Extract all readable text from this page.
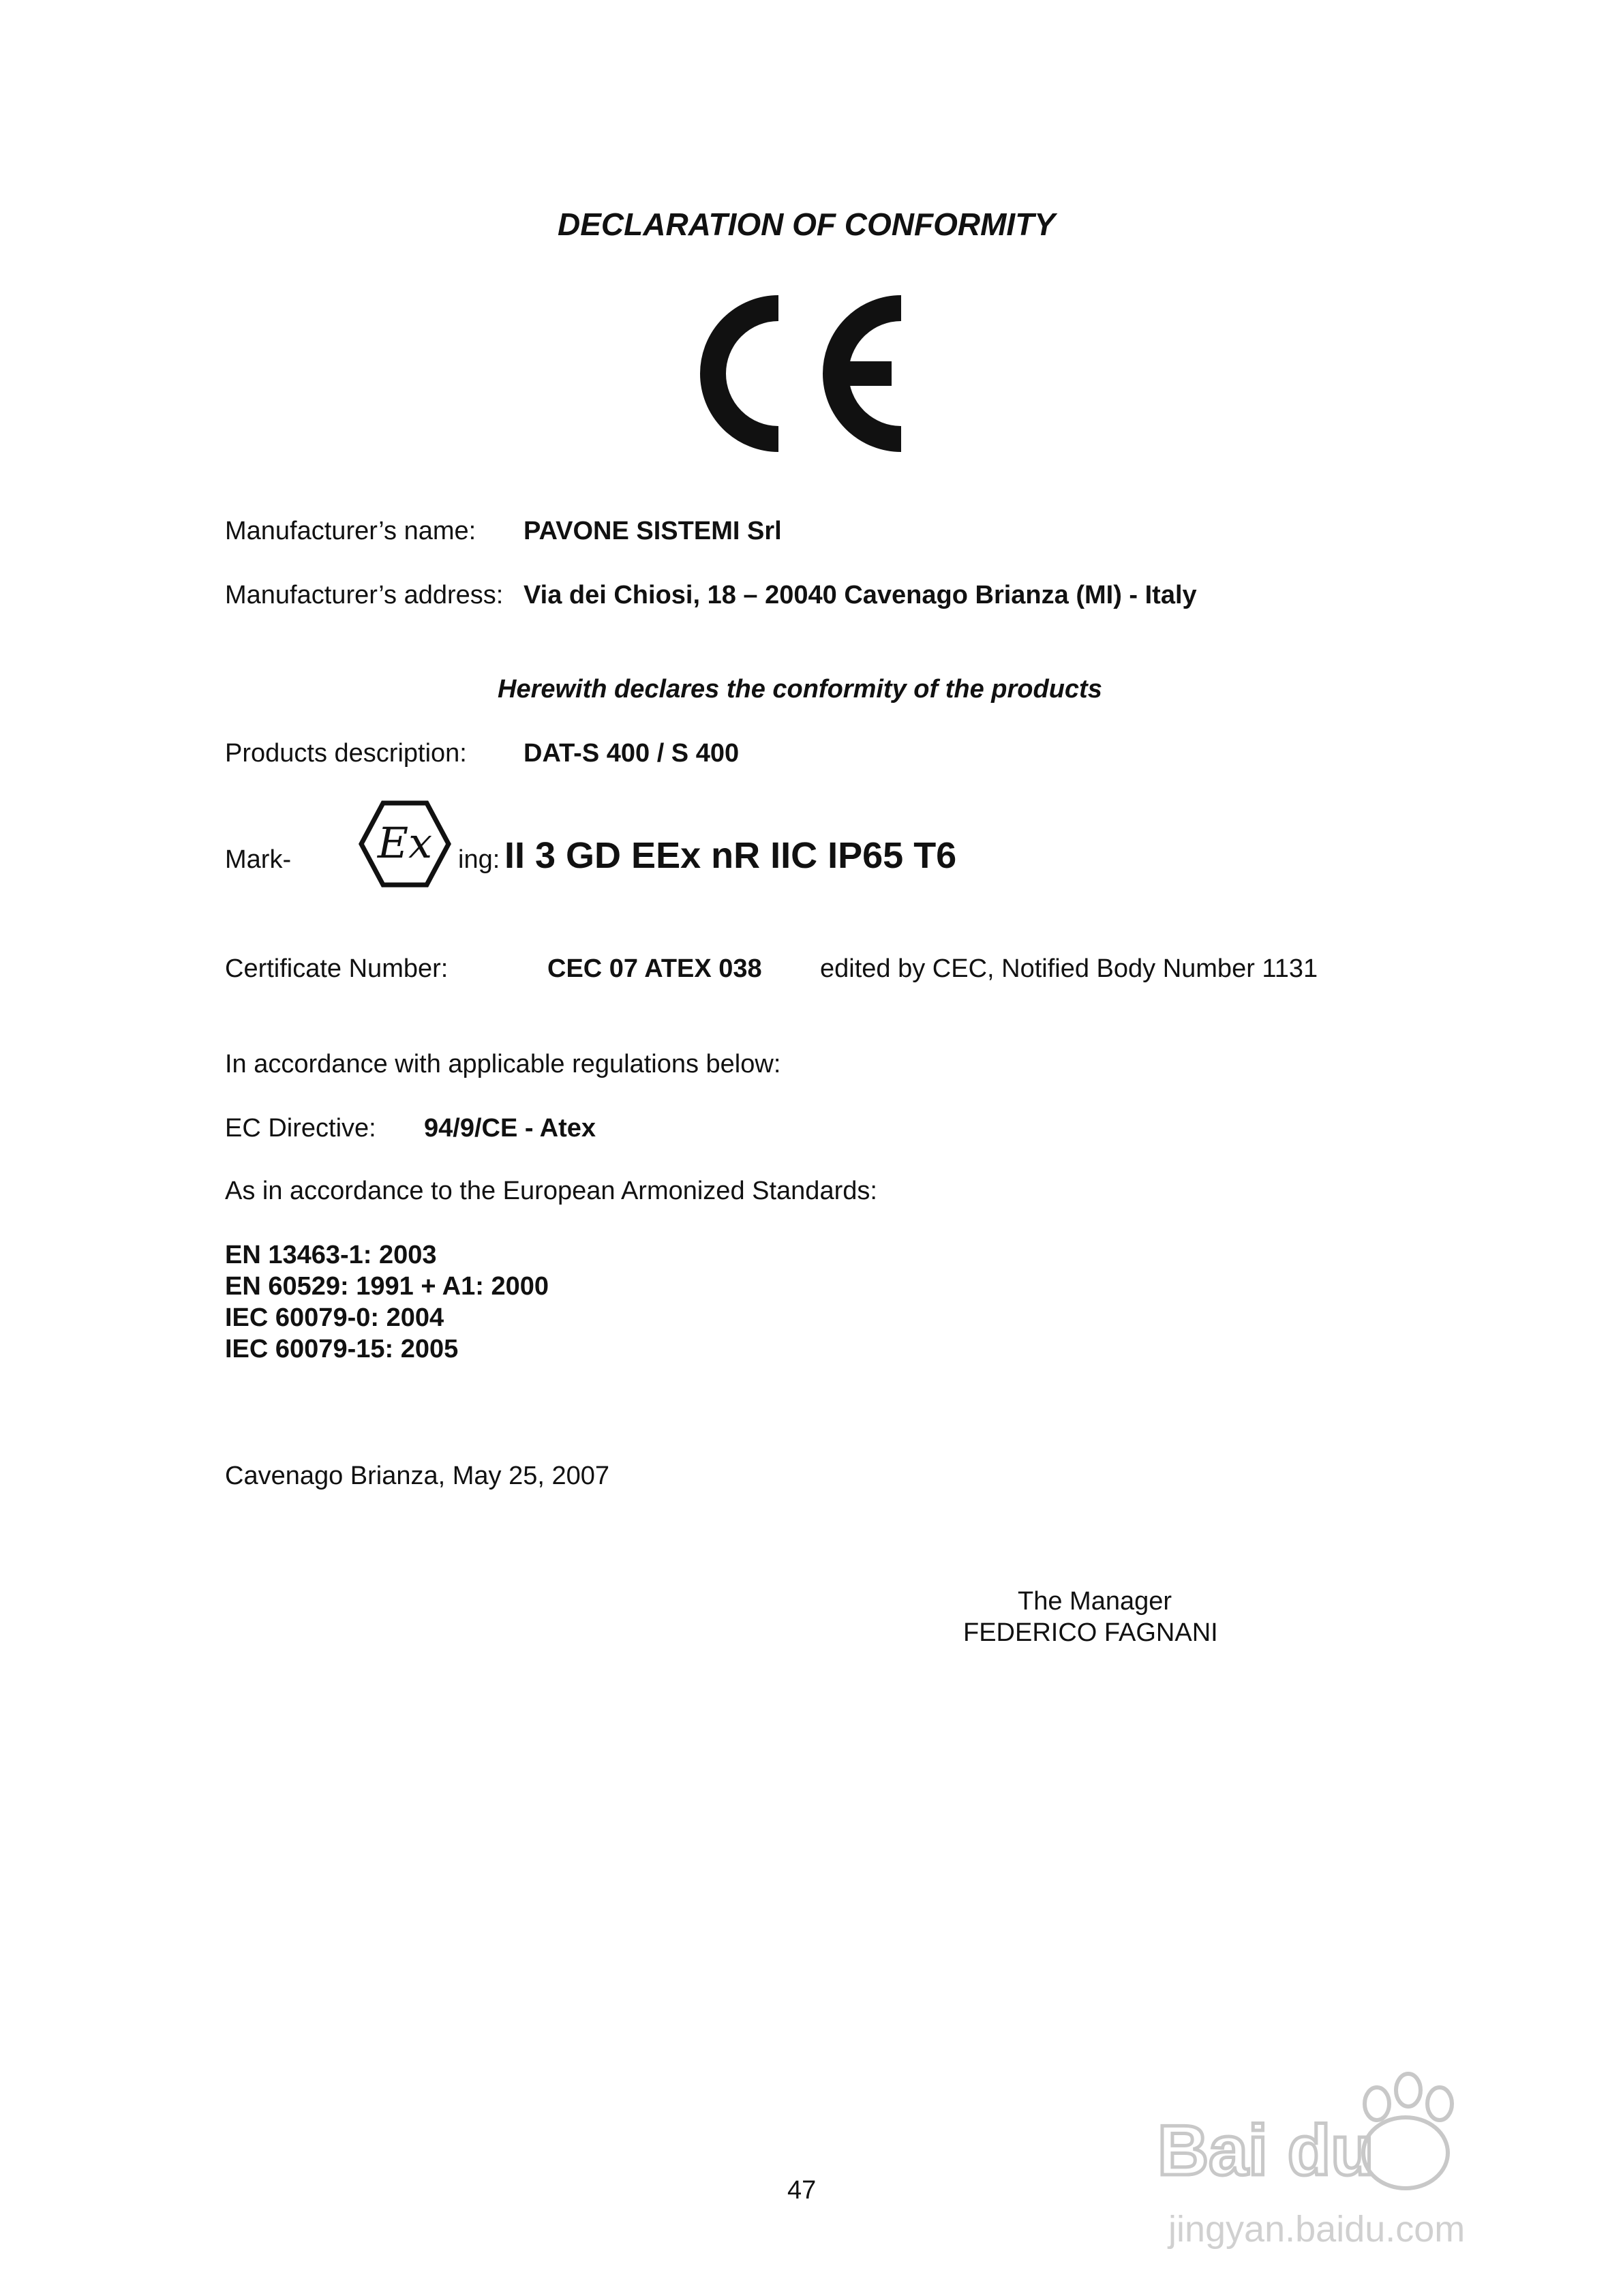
DECLARATION OF CONFORMITY
Manufacturer’s name: PAVONE SISTEMI Srl
Manufacturer’s address: Via dei Chiosi, 18 – 20040 Cavenago Brianza (MI) - Italy
Herewith declares the conformity of the products
Products description: DAT-S 400 / S 400
Mark- Ex ing: II 3 GD EEx nR IIC IP65 T6
Certificate Number:	CEC 07 ATEX 038 edited by CEC, Notified Body Number 1131
In accordance with applicable regulations below:
EC Directive: 94/9/CE - Atex
As in accordance to the European Armonized Standards:
EN 13463-1: 2003
EN 60529: 1991 + A1: 2000
IEC 60079-0: 2004
IEC 60079-15: 2005
Cavenago Brianza, May 25, 2007
The Manager
FEDERICO FAGNANI
47	Bai du
jingyan.baidu.com
